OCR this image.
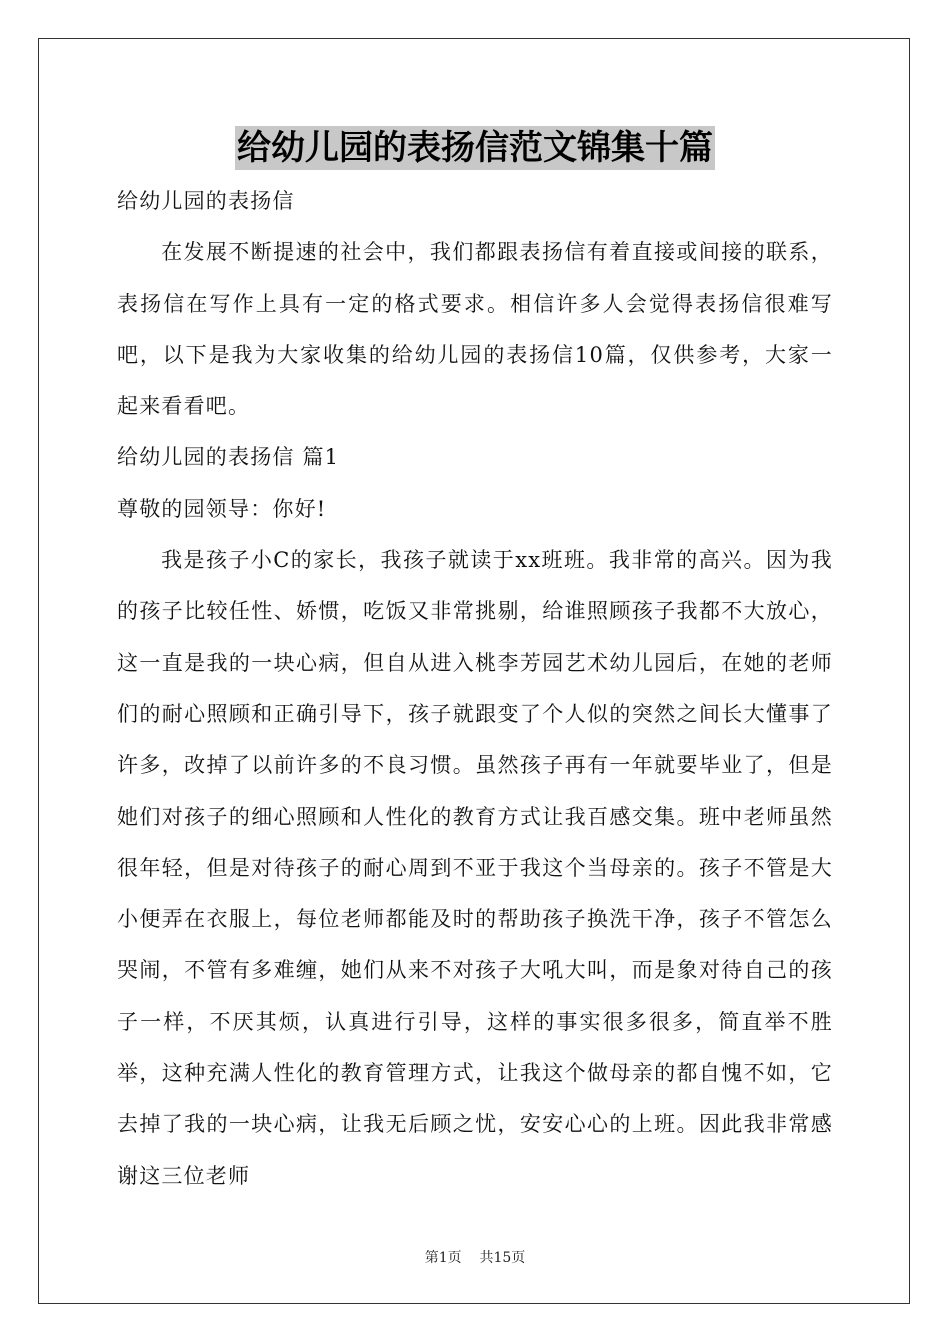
给幼儿园的表扬信范文锦集十篇

给幼儿园的表扬信

在发展不断提速的社会中，我们都跟表扬信有着直接或间接的联系，表扬信在写作上具有一定的格式要求。相信许多人会觉得表扬信很难写吧，以下是我为大家收集的给幼儿园的表扬信10篇，仅供参考，大家一起来看看吧。

给幼儿园的表扬信 篇1

尊敬的园领导：你好!

我是孩子小C的家长，我孩子就读于xx班班。我非常的高兴。因为我的孩子比较任性、娇惯，吃饭又非常挑剔，给谁照顾孩子我都不大放心，这一直是我的一块心病，但自从进入桃李芳园艺术幼儿园后，在她的老师们的耐心照顾和正确引导下，孩子就跟变了个人似的突然之间长大懂事了许多，改掉了以前许多的不良习惯。虽然孩子再有一年就要毕业了，但是她们对孩子的细心照顾和人性化的教育方式让我百感交集。班中老师虽然很年轻，但是对待孩子的耐心周到不亚于我这个当母亲的。孩子不管是大小便弄在衣服上，每位老师都能及时的帮助孩子换洗干净，孩子不管怎么哭闹，不管有多难缠，她们从来不对孩子大吼大叫，而是象对待自己的孩子一样，不厌其烦，认真进行引导，这样的事实很多很多，简直举不胜举，这种充满人性化的教育管理方式，让我这个做母亲的都自愧不如，它去掉了我的一块心病，让我无后顾之忧，安安心心的上班。因此我非常感谢这三位老师

第1页 共15页
